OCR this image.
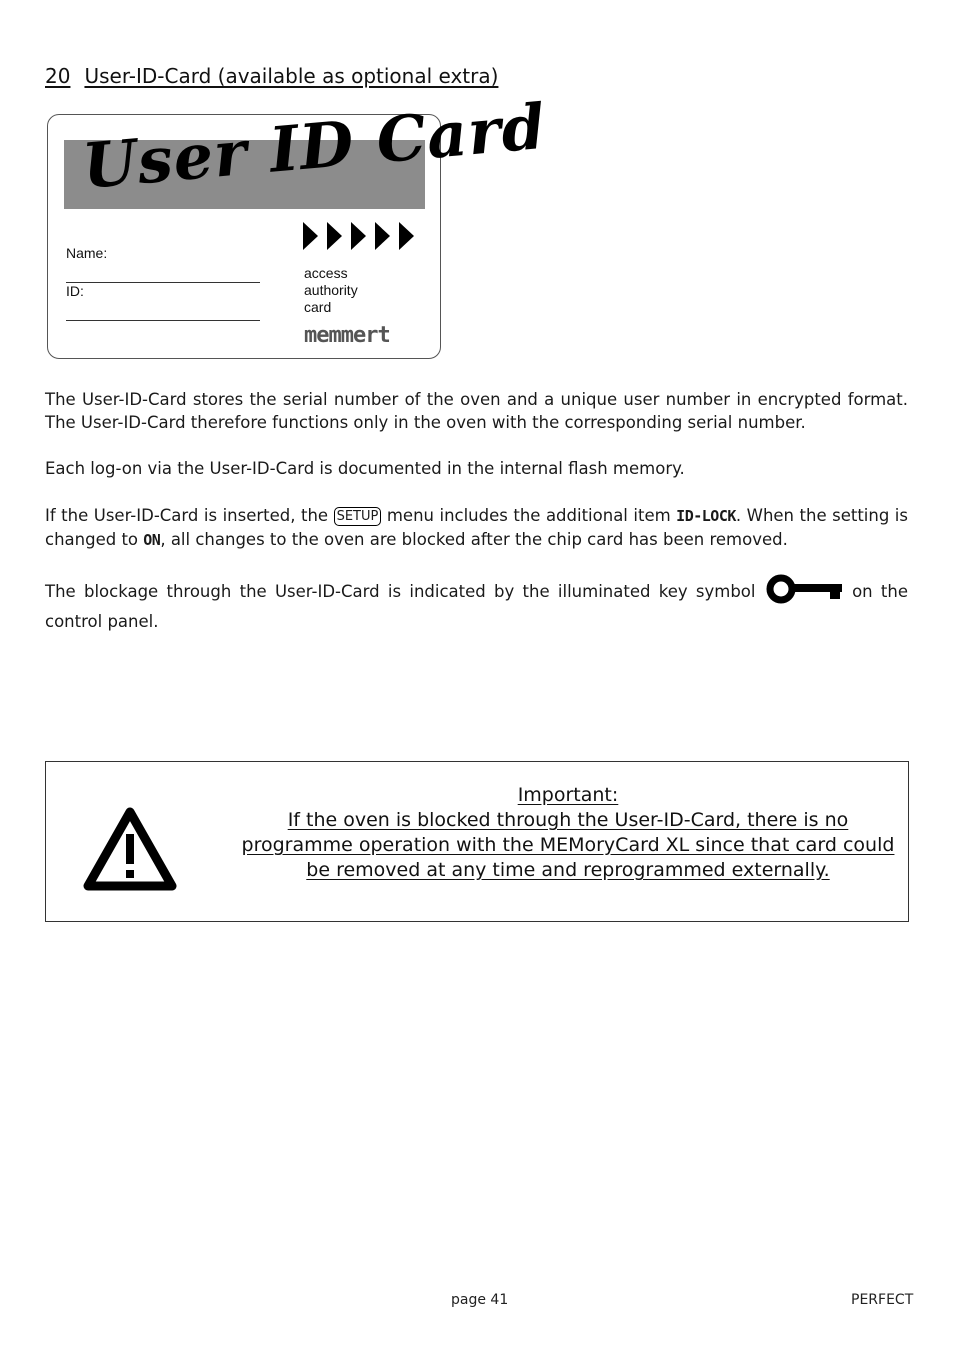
20 User-ID-Card (available as optional extra)
User ID Card
Name:
ID:
access
authority
card
memmert
The User-ID-Card stores the serial number of the oven and a unique user number in encrypted format. The User-ID-Card therefore functions only in the oven with the corresponding serial number.
Each log-on via the User-ID-Card is documented in the internal flash memory.
If the User-ID-Card is inserted, the SETUP menu includes the additional item ID-LOCK. When the setting is changed to ON, all changes to the oven are blocked after the chip card has been removed.
The blockage through the User-ID-Card is indicated by the illuminated key symbol	on the control panel.
Important:
If the oven is blocked through the User-ID-Card, there is no programme operation with the MEMoryCard XL since that card could be removed at any time and reprogrammed externally.
page 41	PERFECT
